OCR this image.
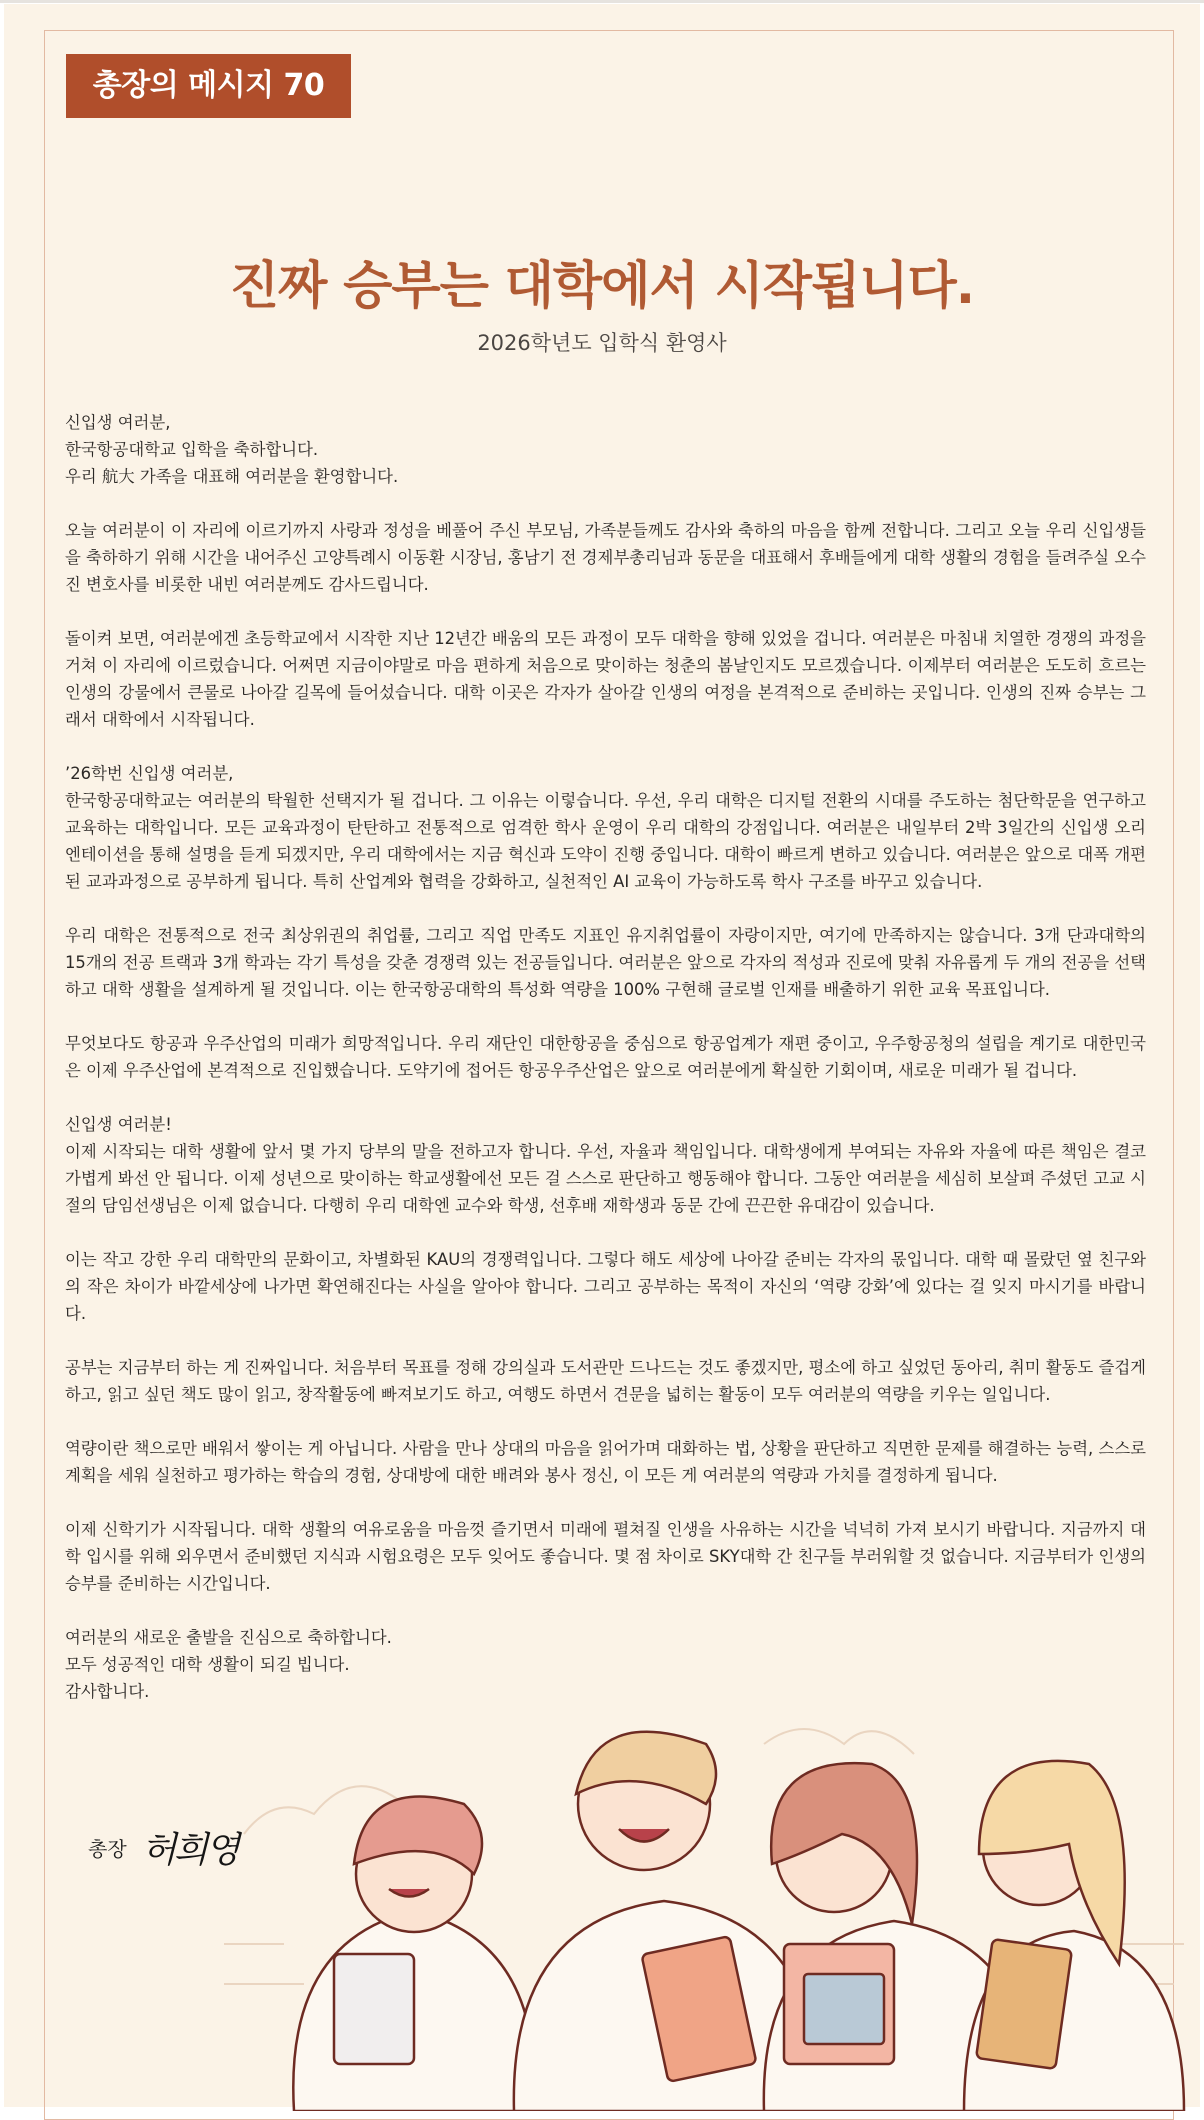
총장의 메시지 70
진짜 승부는 대학에서 시작됩니다.
2026학년도 입학식 환영사

신입생 여러분,
한국항공대학교 입학을 축하합니다.
우리 航大 가족을 대표해 여러분을 환영합니다.

오늘 여러분이 이 자리에 이르기까지 사랑과 정성을 베풀어 주신 부모님, 가족분들께도 감사와 축하의 마음을 함께 전합니다. 그리고 오늘 우리 신입생들을 축하하기 위해 시간을 내어주신 고양특례시 이동환 시장님, 홍남기 전 경제부총리님과 동문을 대표해서 후배들에게 대학 생활의 경험을 들려주실 오수진 변호사를 비롯한 내빈 여러분께도 감사드립니다.

돌이켜 보면, 여러분에겐 초등학교에서 시작한 지난 12년간 배움의 모든 과정이 모두 대학을 향해 있었을 겁니다. 여러분은 마침내 치열한 경쟁의 과정을 거쳐 이 자리에 이르렀습니다. 어쩌면 지금이야말로 마음 편하게 처음으로 맞이하는 청춘의 봄날인지도 모르겠습니다. 이제부터 여러분은 도도히 흐르는 인생의 강물에서 큰물로 나아갈 길목에 들어섰습니다. 대학 이곳은 각자가 살아갈 인생의 여정을 본격적으로 준비하는 곳입니다. 인생의 진짜 승부는 그래서 대학에서 시작됩니다.

’26학번 신입생 여러분,
한국항공대학교는 여러분의 탁월한 선택지가 될 겁니다. 그 이유는 이렇습니다. 우선, 우리 대학은 디지털 전환의 시대를 주도하는 첨단학문을 연구하고 교육하는 대학입니다. 모든 교육과정이 탄탄하고 전통적으로 엄격한 학사 운영이 우리 대학의 강점입니다. 여러분은 내일부터 2박 3일간의 신입생 오리엔테이션을 통해 설명을 듣게 되겠지만, 우리 대학에서는 지금 혁신과 도약이 진행 중입니다. 대학이 빠르게 변하고 있습니다. 여러분은 앞으로 대폭 개편된 교과과정으로 공부하게 됩니다. 특히 산업계와 협력을 강화하고, 실천적인 AI 교육이 가능하도록 학사 구조를 바꾸고 있습니다.

우리 대학은 전통적으로 전국 최상위권의 취업률, 그리고 직업 만족도 지표인 유지취업률이 자랑이지만, 여기에 만족하지는 않습니다. 3개 단과대학의 15개의 전공 트랙과 3개 학과는 각기 특성을 갖춘 경쟁력 있는 전공들입니다. 여러분은 앞으로 각자의 적성과 진로에 맞춰 자유롭게 두 개의 전공을 선택하고 대학 생활을 설계하게 될 것입니다. 이는 한국항공대학의 특성화 역량을 100% 구현해 글로벌 인재를 배출하기 위한 교육 목표입니다.

무엇보다도 항공과 우주산업의 미래가 희망적입니다. 우리 재단인 대한항공을 중심으로 항공업계가 재편 중이고, 우주항공청의 설립을 계기로 대한민국은 이제 우주산업에 본격적으로 진입했습니다. 도약기에 접어든 항공우주산업은 앞으로 여러분에게 확실한 기회이며, 새로운 미래가 될 겁니다.

신입생 여러분!
이제 시작되는 대학 생활에 앞서 몇 가지 당부의 말을 전하고자 합니다. 우선, 자율과 책임입니다. 대학생에게 부여되는 자유와 자율에 따른 책임은 결코 가볍게 봐선 안 됩니다. 이제 성년으로 맞이하는 학교생활에선 모든 걸 스스로 판단하고 행동해야 합니다. 그동안 여러분을 세심히 보살펴 주셨던 고교 시절의 담임선생님은 이제 없습니다. 다행히 우리 대학엔 교수와 학생, 선후배 재학생과 동문 간에 끈끈한 유대감이 있습니다.

이는 작고 강한 우리 대학만의 문화이고, 차별화된 KAU의 경쟁력입니다. 그렇다 해도 세상에 나아갈 준비는 각자의 몫입니다. 대학 때 몰랐던 옆 친구와의 작은 차이가 바깥세상에 나가면 확연해진다는 사실을 알아야 합니다. 그리고 공부하는 목적이 자신의 ‘역량 강화’에 있다는 걸 잊지 마시기를 바랍니다.

공부는 지금부터 하는 게 진짜입니다. 처음부터 목표를 정해 강의실과 도서관만 드나드는 것도 좋겠지만, 평소에 하고 싶었던 동아리, 취미 활동도 즐겁게 하고, 읽고 싶던 책도 많이 읽고, 창작활동에 빠져보기도 하고, 여행도 하면서 견문을 넓히는 활동이 모두 여러분의 역량을 키우는 일입니다.

역량이란 책으로만 배워서 쌓이는 게 아닙니다. 사람을 만나 상대의 마음을 읽어가며 대화하는 법, 상황을 판단하고 직면한 문제를 해결하는 능력, 스스로 계획을 세워 실천하고 평가하는 학습의 경험, 상대방에 대한 배려와 봉사 정신, 이 모든 게 여러분의 역량과 가치를 결정하게 됩니다.

이제 신학기가 시작됩니다. 대학 생활의 여유로움을 마음껏 즐기면서 미래에 펼쳐질 인생을 사유하는 시간을 넉넉히 가져 보시기 바랍니다. 지금까지 대학 입시를 위해 외우면서 준비했던 지식과 시험요령은 모두 잊어도 좋습니다. 몇 점 차이로 SKY대학 간 친구들 부러워할 것 없습니다. 지금부터가 인생의 승부를 준비하는 시간입니다.

여러분의 새로운 출발을 진심으로 축하합니다.
모두 성공적인 대학 생활이 되길 빕니다.
감사합니다.

총장 허희영
